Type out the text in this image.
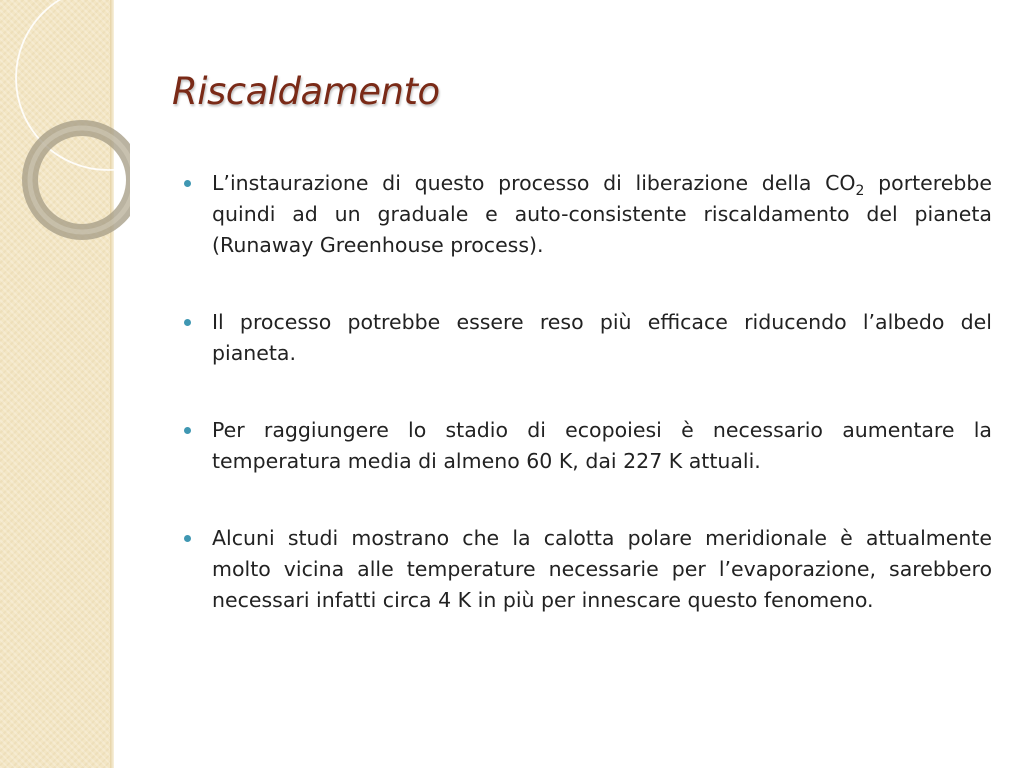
Riscaldamento
L’instaurazione di questo processo di liberazione della $CO_2$ porterebbe quindi ad un graduale e auto-consistente riscaldamento del pianeta (Runaway Greenhouse process).
Il processo potrebbe essere reso più efficace riducendo l’albedo del pianeta.
Per raggiungere lo stadio di ecopoiesi è necessario aumentare la temperatura media di almeno 60 K, dai 227 K attuali.
Alcuni studi mostrano che la calotta polare meridionale è attualmente molto vicina alle temperature necessarie per l’evaporazione, sarebbero necessari infatti circa 4 K in più per innescare questo fenomeno.
